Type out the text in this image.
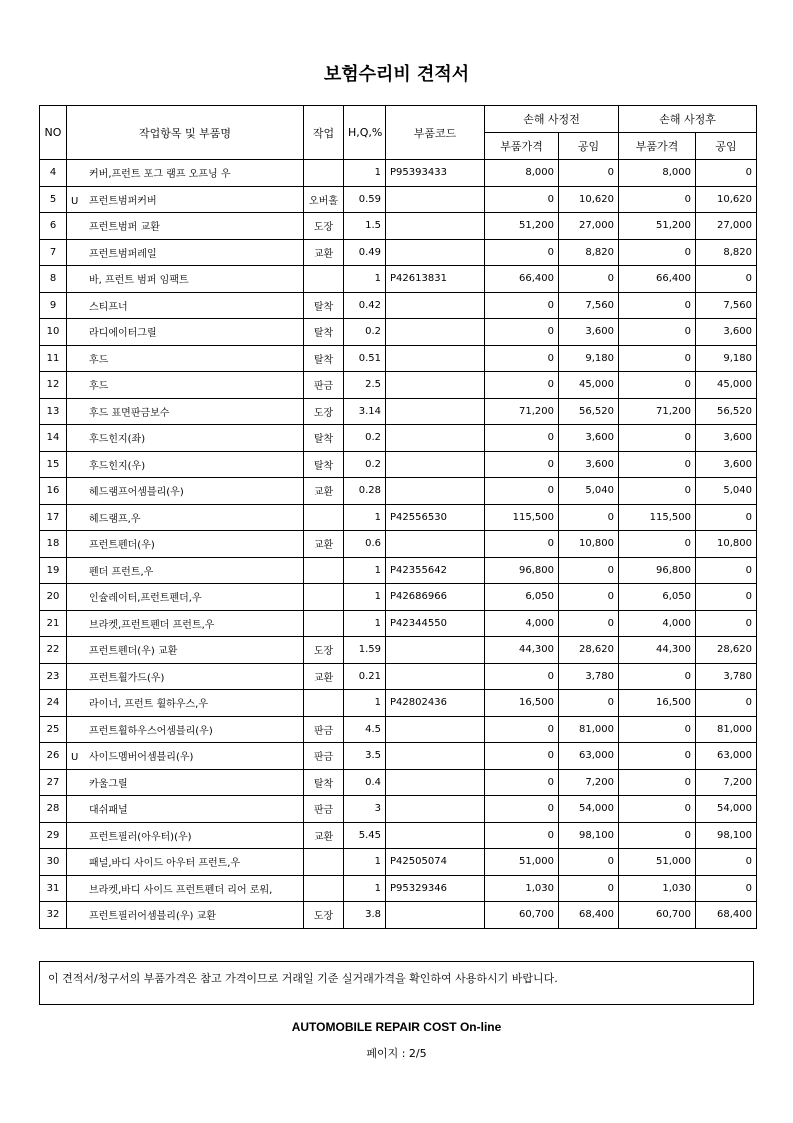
보험수리비 견적서
NO	작업항목 및 부품명	작업	H,Q,%	부품코드	손해 사정전		손해 사정후	
					부품가격	공임	부품가격	공임
4	커버,프런트 포그 램프 오프닝 우		1	P95393433	8,000	0	8,000	0
5	U 프런트범퍼커버	오버홀	0.59		0	10,620	0	10,620
6	프런트범퍼 교환	도장	1.5		51,200	27,000	51,200	27,000
7	프런트범퍼레일	교환	0.49		0	8,820	0	8,820
8	바, 프런트 범퍼 임팩트		1	P42613831	66,400	0	66,400	0
9	스티프너	탈착	0.42		0	7,560	0	7,560
10	라디에이터그릴	탈착	0.2		0	3,600	0	3,600
11	후드	탈착	0.51		0	9,180	0	9,180
12	후드	판금	2.5		0	45,000	0	45,000
13	후드 표면판금보수	도장	3.14		71,200	56,520	71,200	56,520
14	후드힌지(좌)	탈착	0.2		0	3,600	0	3,600
15	후드힌지(우)	탈착	0.2		0	3,600	0	3,600
16	헤드램프어셈블리(우)	교환	0.28		0	5,040	0	5,040
17	헤드램프,우		1	P42556530	115,500	0	115,500	0
18	프런트펜더(우)	교환	0.6		0	10,800	0	10,800
19	펜더 프런트,우		1	P42355642	96,800	0	96,800	0
20	인슐레이터,프런트펜더,우		1	P42686966	6,050	0	6,050	0
21	브라켓,프런트펜더 프런트,우		1	P42344550	4,000	0	4,000	0
22	프런트펜더(우) 교환	도장	1.59		44,300	28,620	44,300	28,620
23	프런트휠가드(우)	교환	0.21		0	3,780	0	3,780
24	라이너, 프런트 휠하우스,우		1	P42802436	16,500	0	16,500	0
25	프런트휠하우스어셈블리(우)	판금	4.5		0	81,000	0	81,000
26	U 사이드멤버어셈블리(우)	판금	3.5		0	63,000	0	63,000
27	카울그릴	탈착	0.4		0	7,200	0	7,200
28	대쉬패널	판금	3		0	54,000	0	54,000
29	프런트필러(아우터)(우)	교환	5.45		0	98,100	0	98,100
30	패널,바디 사이드 아우터 프런트,우		1	P42505074	51,000	0	51,000	0
31	브라켓,바디 사이드 프런트펜더 리어 로워,		1	P95329346	1,030	0	1,030	0
32	프런트필러어셈블리(우) 교환	도장	3.8		60,700	68,400	60,700	68,400
이 견적서/청구서의 부품가격은 참고 가격이므로 거래일 기준 실거래가격을 확인하여 사용하시기 바랍니다.
AUTOMOBILE REPAIR COST On-line
페이지 : 2/5
